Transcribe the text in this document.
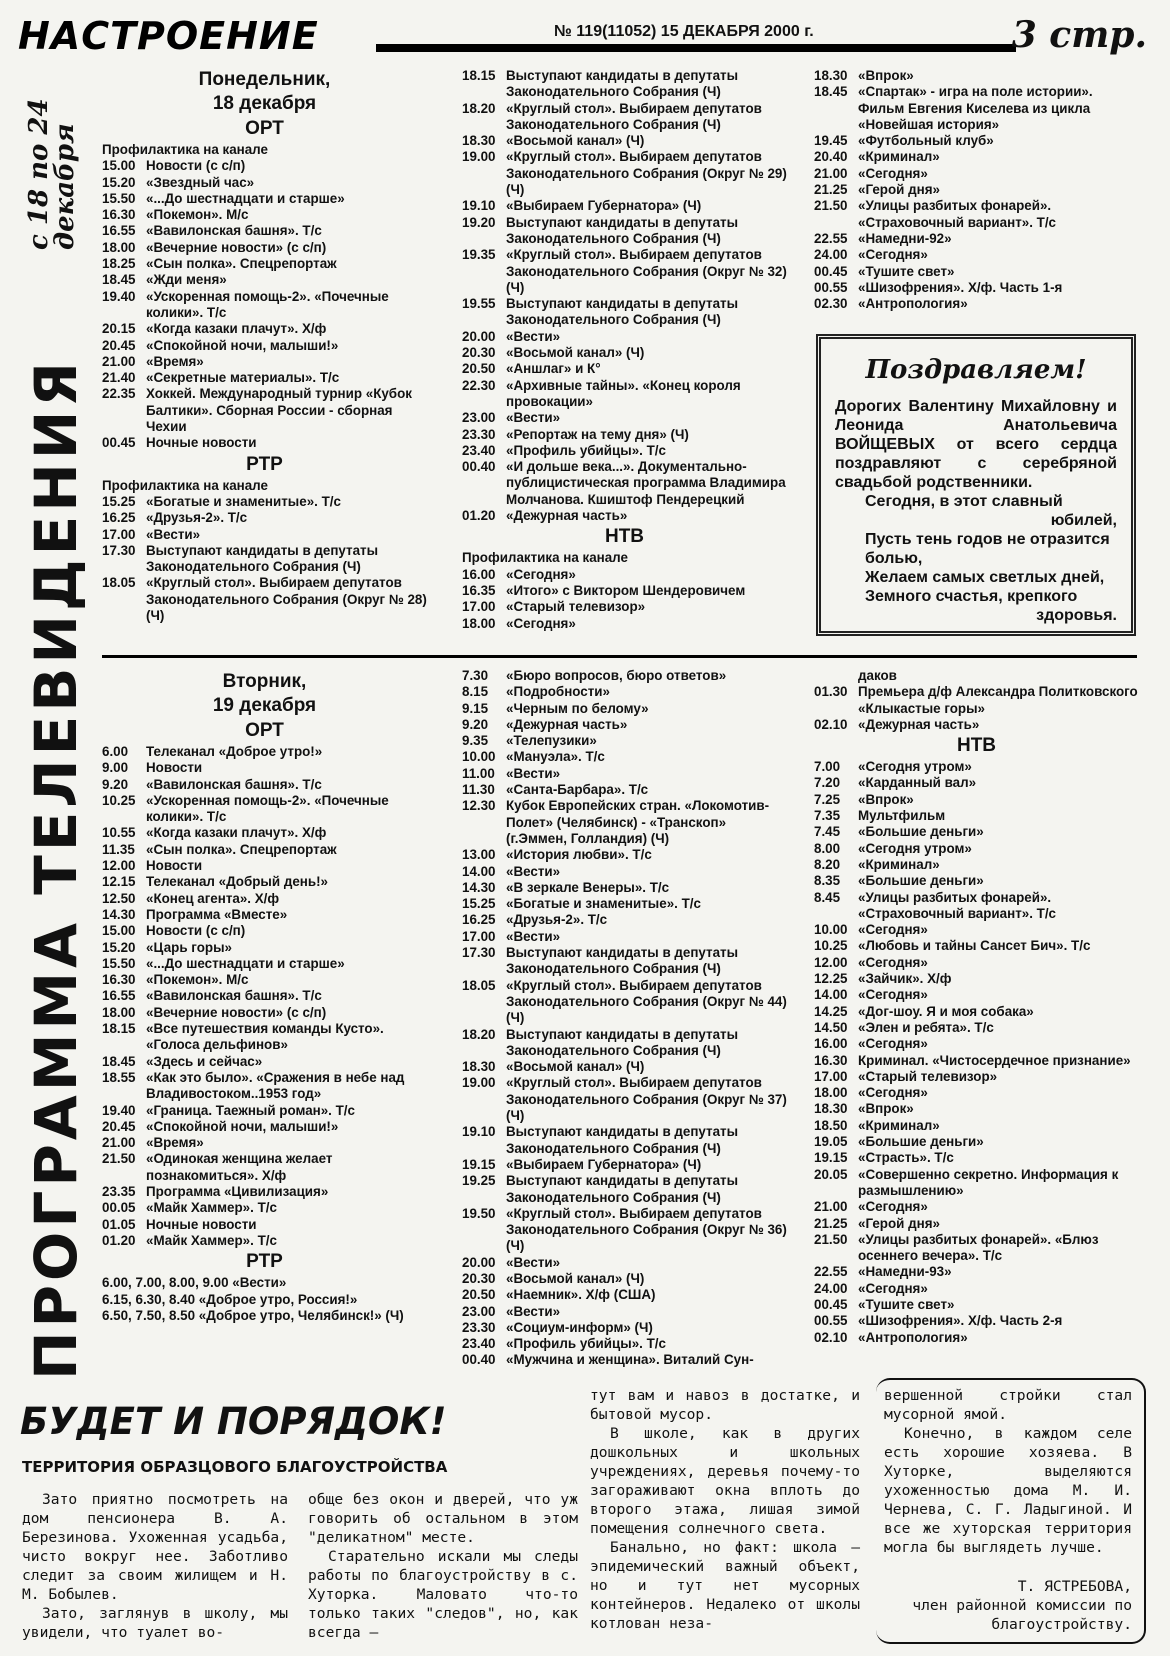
НАСТРОЕНИЕ	№ 119(11052) 15 ДЕКАБРЯ 2000 г.	3 стр.
ПРОГРАММА ТЕЛЕВИДЕНИЯ
с 18 по 24
декабря
Понедельник,
18 декабря
ОРТ
Профилактика на канале
15.00 Новости (с с/п)
15.20 «Звездный час»
15.50 «...До шестнадцати и старше»
16.30 «Покемон». М/с
16.55 «Вавилонская башня». Т/с
18.00 «Вечерние новости» (с с/п)
18.25 «Сын полка». Спецрепортаж
18.45 «Жди меня»
19.40 «Ускоренная помощь-2». «Почечные колики». Т/с
20.15 «Когда казаки плачут». Х/ф
20.45 «Спокойной ночи, малыши!»
21.00 «Время»
21.40 «Секретные материалы». Т/с
22.35 Хоккей. Международный турнир «Кубок Балтики». Сборная России - сборная Чехии
00.45 Ночные новости
РТР
Профилактика на канале
15.25 «Богатые и знаменитые». Т/с
16.25 «Друзья-2». Т/с
17.00 «Вести»
17.30 Выступают кандидаты в депутаты Законодательного Собрания (Ч)
18.05 «Круглый стол». Выбираем депутатов Законодательного Собрания (Округ № 28) (Ч)
18.15 Выступают кандидаты в депутаты Законодательного Собрания (Ч)
18.20 «Круглый стол». Выбираем депутатов Законодательного Собрания (Ч)
18.30 «Восьмой канал» (Ч)
19.00 «Круглый стол». Выбираем депутатов Законодательного Собрания (Округ № 29) (Ч)
19.10 «Выбираем Губернатора» (Ч)
19.20 Выступают кандидаты в депутаты Законодательного Собрания (Ч)
19.35 «Круглый стол». Выбираем депутатов Законодательного Собрания (Округ № 32) (Ч)
19.55 Выступают кандидаты в депутаты Законодательного Собрания (Ч)
20.00 «Вести»
20.30 «Восьмой канал» (Ч)
20.50 «Аншлаг» и К°
22.30 «Архивные тайны». «Конец короля провокации»
23.00 «Вести»
23.30 «Репортаж на тему дня» (Ч)
23.40 «Профиль убийцы». Т/с
00.40 «И дольше века...». Документально-публицистическая программа Владимира Молчанова. Кшиштоф Пендерецкий
01.20 «Дежурная часть»
НТВ
Профилактика на канале
16.00 «Сегодня»
16.35 «Итого» с Виктором Шендеровичем
17.00 «Старый телевизор»
18.00 «Сегодня»
18.30 «Впрок»
18.45 «Спартак» - игра на поле истории». Фильм Евгения Киселева из цикла «Новейшая история»
19.45 «Футбольный клуб»
20.40 «Криминал»
21.00 «Сегодня»
21.25 «Герой дня»
21.50 «Улицы разбитых фонарей». «Страховочный вариант». Т/с
22.55 «Намедни-92»
24.00 «Сегодня»
00.45 «Тушите свет»
00.55 «Шизофрения». Х/ф. Часть 1-я
02.30 «Антропология»
Поздравляем!
Дорогих Валентину Михайловну и Леонида Анатольевича ВОЙЩЕВЫХ от всего сердца поздравляют с серебряной свадьбой родственники.
Сегодня, в этот славный
юбилей,
Пусть тень годов не отразится болью,
Желаем самых светлых дней,
Земного счастья, крепкого
здоровья.
Вторник,
19 декабря
ОРТ
6.00	Телеканал «Доброе утро!»
9.00	Новости
9.20	«Вавилонская башня». Т/с
10.25 «Ускоренная помощь-2». «Почечные колики». Т/с
10.55 «Когда казаки плачут». Х/ф
11.35 «Сын полка». Спецрепортаж
12.00 Новости
12.15 Телеканал «Добрый день!»
12.50 «Конец агента». Х/ф
14.30 Программа «Вместе»
15.00 Новости (с с/п)
15.20 «Царь горы»
15.50 «...До шестнадцати и старше»
16.30 «Покемон». М/с
16.55 «Вавилонская башня». Т/с
18.00 «Вечерние новости» (с с/п)
18.15 «Все путешествия команды Кусто». «Голоса дельфинов»
18.45 «Здесь и сейчас»
18.55 «Как это было». «Сражения в небе над Владивостоком..1953 год»
19.40 «Граница. Таежный роман». Т/с
20.45 «Спокойной ночи, малыши!»
21.00 «Время»
21.50 «Одинокая женщина желает познакомиться». Х/ф
23.35 Программа «Цивилизация»
00.05 «Майк Хаммер». Т/с
01.05 Ночные новости
01.20 «Майк Хаммер». Т/с
РТР
6.00, 7.00, 8.00, 9.00 «Вести»
6.15, 6.30, 8.40 «Доброе утро, Россия!»
6.50, 7.50, 8.50 «Доброе утро, Челябинск!» (Ч)
7.30	«Бюро вопросов, бюро ответов»
8.15	«Подробности»
9.15	«Черным по белому»
9.20	«Дежурная часть»
9.35	«Телепузики»
10.00 «Мануэла». Т/с
11.00 «Вести»
11.30 «Санта-Барбара». Т/с
12.30 Кубок Европейских стран. «Локомотив-Полет» (Челябинск) - «Транскоп» (г.Эммен, Голландия) (Ч)
13.00 «История любви». Т/с
14.00 «Вести»
14.30 «В зеркале Венеры». Т/с
15.25 «Богатые и знаменитые». Т/с
16.25 «Друзья-2». Т/с
17.00 «Вести»
17.30 Выступают кандидаты в депутаты Законодательного Собрания (Ч)
18.05 «Круглый стол». Выбираем депутатов Законодательного Собрания (Округ № 44) (Ч)
18.20 Выступают кандидаты в депутаты Законодательного Собрания (Ч)
18.30 «Восьмой канал» (Ч)
19.00 «Круглый стол». Выбираем депутатов Законодательного Собрания (Округ № 37) (Ч)
19.10 Выступают кандидаты в депутаты Законодательного Собрания (Ч)
19.15 «Выбираем Губернатора» (Ч)
19.25 Выступают кандидаты в депутаты Законодательного Собрания (Ч)
19.50 «Круглый стол». Выбираем депутатов Законодательного Собрания (Округ № 36) (Ч)
20.00 «Вести»
20.30 «Восьмой канал» (Ч)
20.50 «Наемник». Х/ф (США)
23.00 «Вести»
23.30 «Социум-информ» (Ч)
23.40 «Профиль убийцы». Т/с
00.40 «Мужчина и женщина». Виталий Сун-
даков
01.30 Премьера д/ф Александра Политковского «Клыкастые горы»
02.10 «Дежурная часть»
НТВ
7.00	«Сегодня утром»
7.20	«Карданный вал»
7.25	«Впрок»
7.35	Мультфильм
7.45	«Большие деньги»
8.00	«Сегодня утром»
8.20	«Криминал»
8.35	«Большие деньги»
8.45	«Улицы разбитых фонарей». «Страховочный вариант». Т/с
10.00 «Сегодня»
10.25 «Любовь и тайны Сансет Бич». Т/с
12.00 «Сегодня»
12.25 «Зайчик». Х/ф
14.00 «Сегодня»
14.25 «Дог-шоу. Я и моя собака»
14.50 «Элен и ребята». Т/с
16.00 «Сегодня»
16.30 Криминал. «Чистосердечное признание»
17.00 «Старый телевизор»
18.00 «Сегодня»
18.30 «Впрок»
18.50 «Криминал»
19.05 «Большие деньги»
19.15 «Страсть». Т/с
20.05 «Совершенно секретно. Информация к размышлению»
21.00 «Сегодня»
21.25 «Герой дня»
21.50 «Улицы разбитых фонарей». «Блюз осеннего вечера». Т/с
22.55 «Намедни-93»
24.00 «Сегодня»
00.45 «Тушите свет»
00.55 «Шизофрения». Х/ф. Часть 2-я
02.10 «Антропология»
БУДЕТ И ПОРЯДОК!
ТЕРРИТОРИЯ ОБРАЗЦОВОГО БЛАГОУСТРОЙСТВА

Зато приятно посмотреть на дом пенсионера В. А. Березинова. Ухоженная усадьба, чисто вокруг нее. Заботливо следит за своим жилищем и Н. М. Бобылев.

Зато, заглянув в школу, мы увидели, что туалет во-

обще без окон и дверей, что уж говорить об остальном в этом "деликатном" месте.

Старательно искали мы следы работы по благоустройству в с. Хуторка. Маловато что-то только таких "следов", но, как всегда –

тут вам и навоз в достатке, и бытовой мусор.

В школе, как в других дошкольных и школьных учреждениях, деревья почему-то загораживают окна вплоть до второго этажа, лишая зимой помещения солнечного света.

Банально, но факт: школа – эпидемический важный объект, но и тут нет мусорных контейнеров. Недалеко от школы котлован неза-

вершенной стройки стал мусорной ямой.

Конечно, в каждом селе есть хорошие хозяева. В Хуторке, выделяются ухоженностью дома М. И. Чернева, С. Г. Ладыгиной. И все же хуторская территория могла бы выглядеть лучше.

Т. ЯСТРЕБОВА,
член районной комиссии по благоустройству.
